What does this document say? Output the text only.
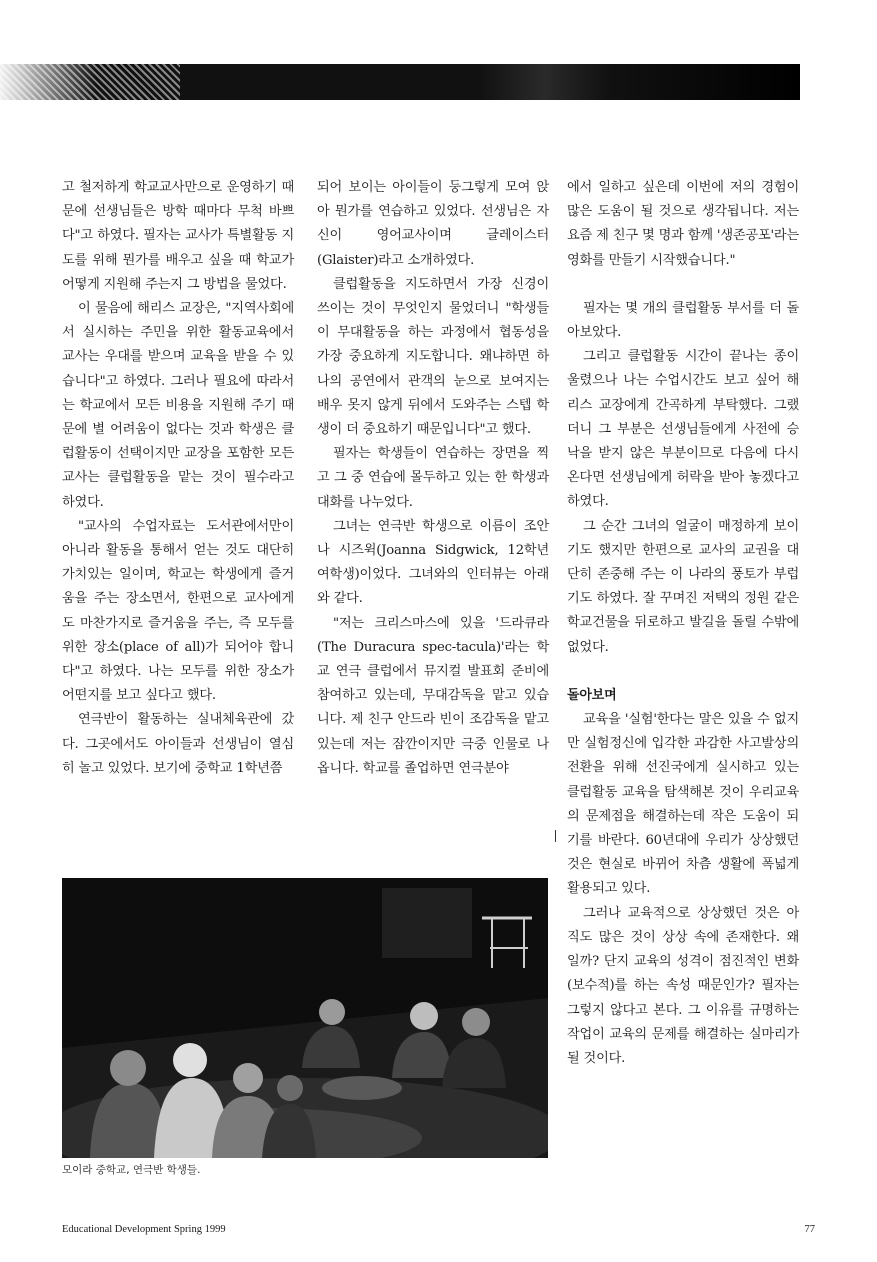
고 철저하게 학교교사만으로 운영하기 때문에 선생님들은 방학 때마다 무척 바쁘다"고 하였다. 필자는 교사가 특별활동 지도를 위해 뭔가를 배우고 싶을 때 학교가 어떻게 지원해 주는지 그 방법을 물었다.

이 물음에 해리스 교장은, "지역사회에서 실시하는 주민을 위한 활동교육에서 교사는 우대를 받으며 교육을 받을 수 있습니다"고 하였다. 그러나 필요에 따라서는 학교에서 모든 비용을 지원해 주기 때문에 별 어려움이 없다는 것과 학생은 클럽활동이 선택이지만 교장을 포함한 모든 교사는 클럽활동을 맡는 것이 필수라고 하였다.

"교사의 수업자료는 도서관에서만이 아니라 활동을 통해서 얻는 것도 대단히 가치있는 일이며, 학교는 학생에게 즐거움을 주는 장소면서, 한편으로 교사에게도 마찬가지로 즐거움을 주는, 즉 모두를 위한 장소(place of all)가 되어야 합니다"고 하였다. 나는 모두를 위한 장소가 어떤지를 보고 싶다고 했다.

연극반이 활동하는 실내체육관에 갔다. 그곳에서도 아이들과 선생님이 열심히 놀고 있었다. 보기에 중학교 1학년쯤

되어 보이는 아이들이 둥그렇게 모여 앉아 뭔가를 연습하고 있었다. 선생님은 자신이 영어교사이며 글레이스터(Glaister)라고 소개하였다.

클럽활동을 지도하면서 가장 신경이 쓰이는 것이 무엇인지 물었더니 "학생들이 무대활동을 하는 과정에서 협동성을 가장 중요하게 지도합니다. 왜냐하면 하나의 공연에서 관객의 눈으로 보여지는 배우 못지 않게 뒤에서 도와주는 스텝 학생이 더 중요하기 때문입니다"고 했다.

필자는 학생들이 연습하는 장면을 찍고 그 중 연습에 몰두하고 있는 한 학생과 대화를 나누었다.

그녀는 연극반 학생으로 이름이 조안나 시즈윅(Joanna Sidgwick, 12학년 여학생)이었다. 그녀와의 인터뷰는 아래와 같다.

"저는 크리스마스에 있을 '드라큐라(The Duracura spec-tacula)'라는 학교 연극 클럽에서 뮤지컬 발표회 준비에 참여하고 있는데, 무대감독을 맡고 있습니다. 제 친구 안드라 빈이 조감독을 맡고 있는데 저는 잠깐이지만 극중 인물로 나옵니다. 학교를 졸업하면 연극분야

에서 일하고 싶은데 이번에 저의 경험이 많은 도움이 될 것으로 생각됩니다. 저는 요즘 제 친구 몇 명과 함께 '생존공포'라는 영화를 만들기 시작했습니다."

필자는 몇 개의 클럽활동 부서를 더 돌아보았다.

그리고 클럽활동 시간이 끝나는 종이 울렸으나 나는 수업시간도 보고 싶어 해리스 교장에게 간곡하게 부탁했다. 그랬더니 그 부분은 선생님들에게 사전에 승낙을 받지 않은 부분이므로 다음에 다시 온다면 선생님에게 허락을 받아 놓겠다고 하였다.

그 순간 그녀의 얼굴이 매정하게 보이기도 했지만 한편으로 교사의 교권을 대단히 존중해 주는 이 나라의 풍토가 부럽기도 하였다. 잘 꾸며진 저택의 정원 같은 학교건물을 뒤로하고 발길을 돌릴 수밖에 없었다.

돌아보며

교육을 '실험'한다는 말은 있을 수 없지만 실험정신에 입각한 과감한 사고발상의 전환을 위해 선진국에게 실시하고 있는 클럽활동 교육을 탐색해본 것이 우리교육의 문제점을 해결하는데 작은 도움이 되기를 바란다. 60년대에 우리가 상상했던 것은 현실로 바뀌어 차츰 생활에 폭넓게 활용되고 있다.

그러나 교육적으로 상상했던 것은 아직도 많은 것이 상상 속에 존재한다. 왜 일까? 단지 교육의 성격이 점진적인 변화(보수적)를 하는 속성 때문인가? 필자는 그렇지 않다고 본다. 그 이유를 규명하는 작업이 교육의 문제를 해결하는 실마리가 될 것이다.

모이라 중학교, 연극반 학생들.
Educational Development Spring 1999	77
